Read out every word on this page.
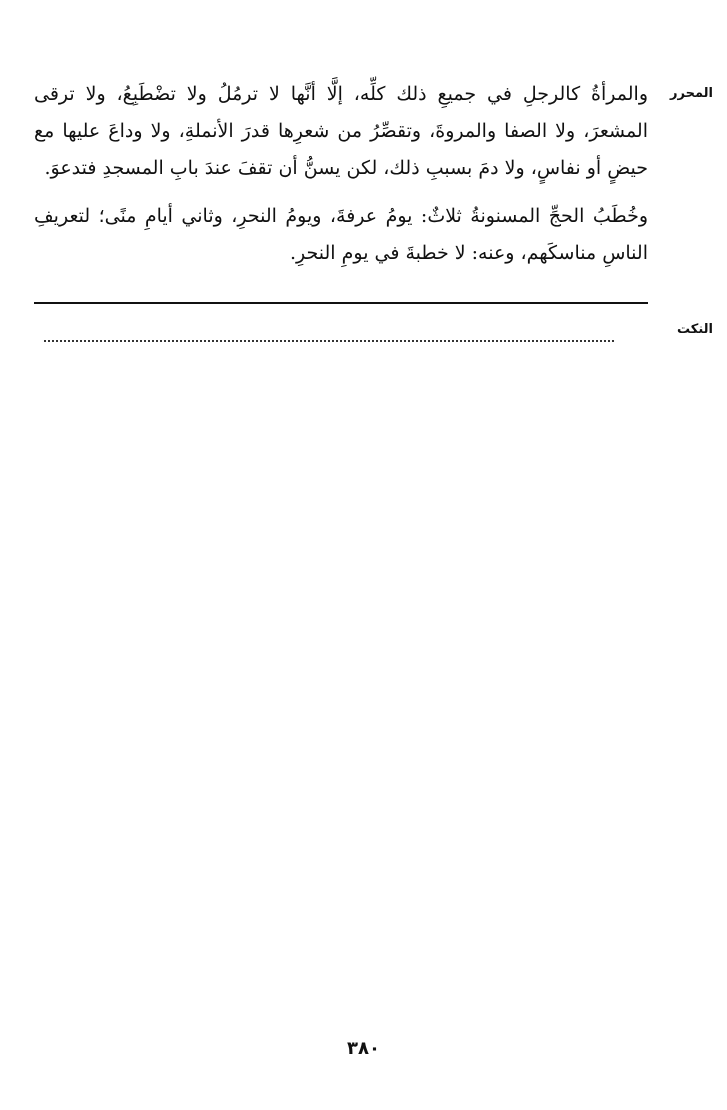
المحرر
والمرأةُ كالرجلِ في جميعِ ذلك كلِّه، إلَّا أنَّها لا ترمُلُ ولا تضْطَبِعُ، ولا ترقى المشعرَ، ولا الصفا والمروةَ، وتقصِّرُ من شعرِها قدرَ الأنملةِ، ولا وداعَ عليها مع حيضٍ أو نفاسٍ، ولا دمَ بسببِ ذلك، لكن يسنُّ أن تقفَ عندَ بابِ المسجدِ فتدعوَ.
وخُطَبُ الحجِّ المسنونةُ ثلاثٌ: يومُ عرفةَ، ويومُ النحرِ، وثاني أيامِ منًى؛ لتعريفِ الناسِ مناسكَهم، وعنه: لا خطبةَ في يومِ النحرِ.
النكت
٣٨٠
